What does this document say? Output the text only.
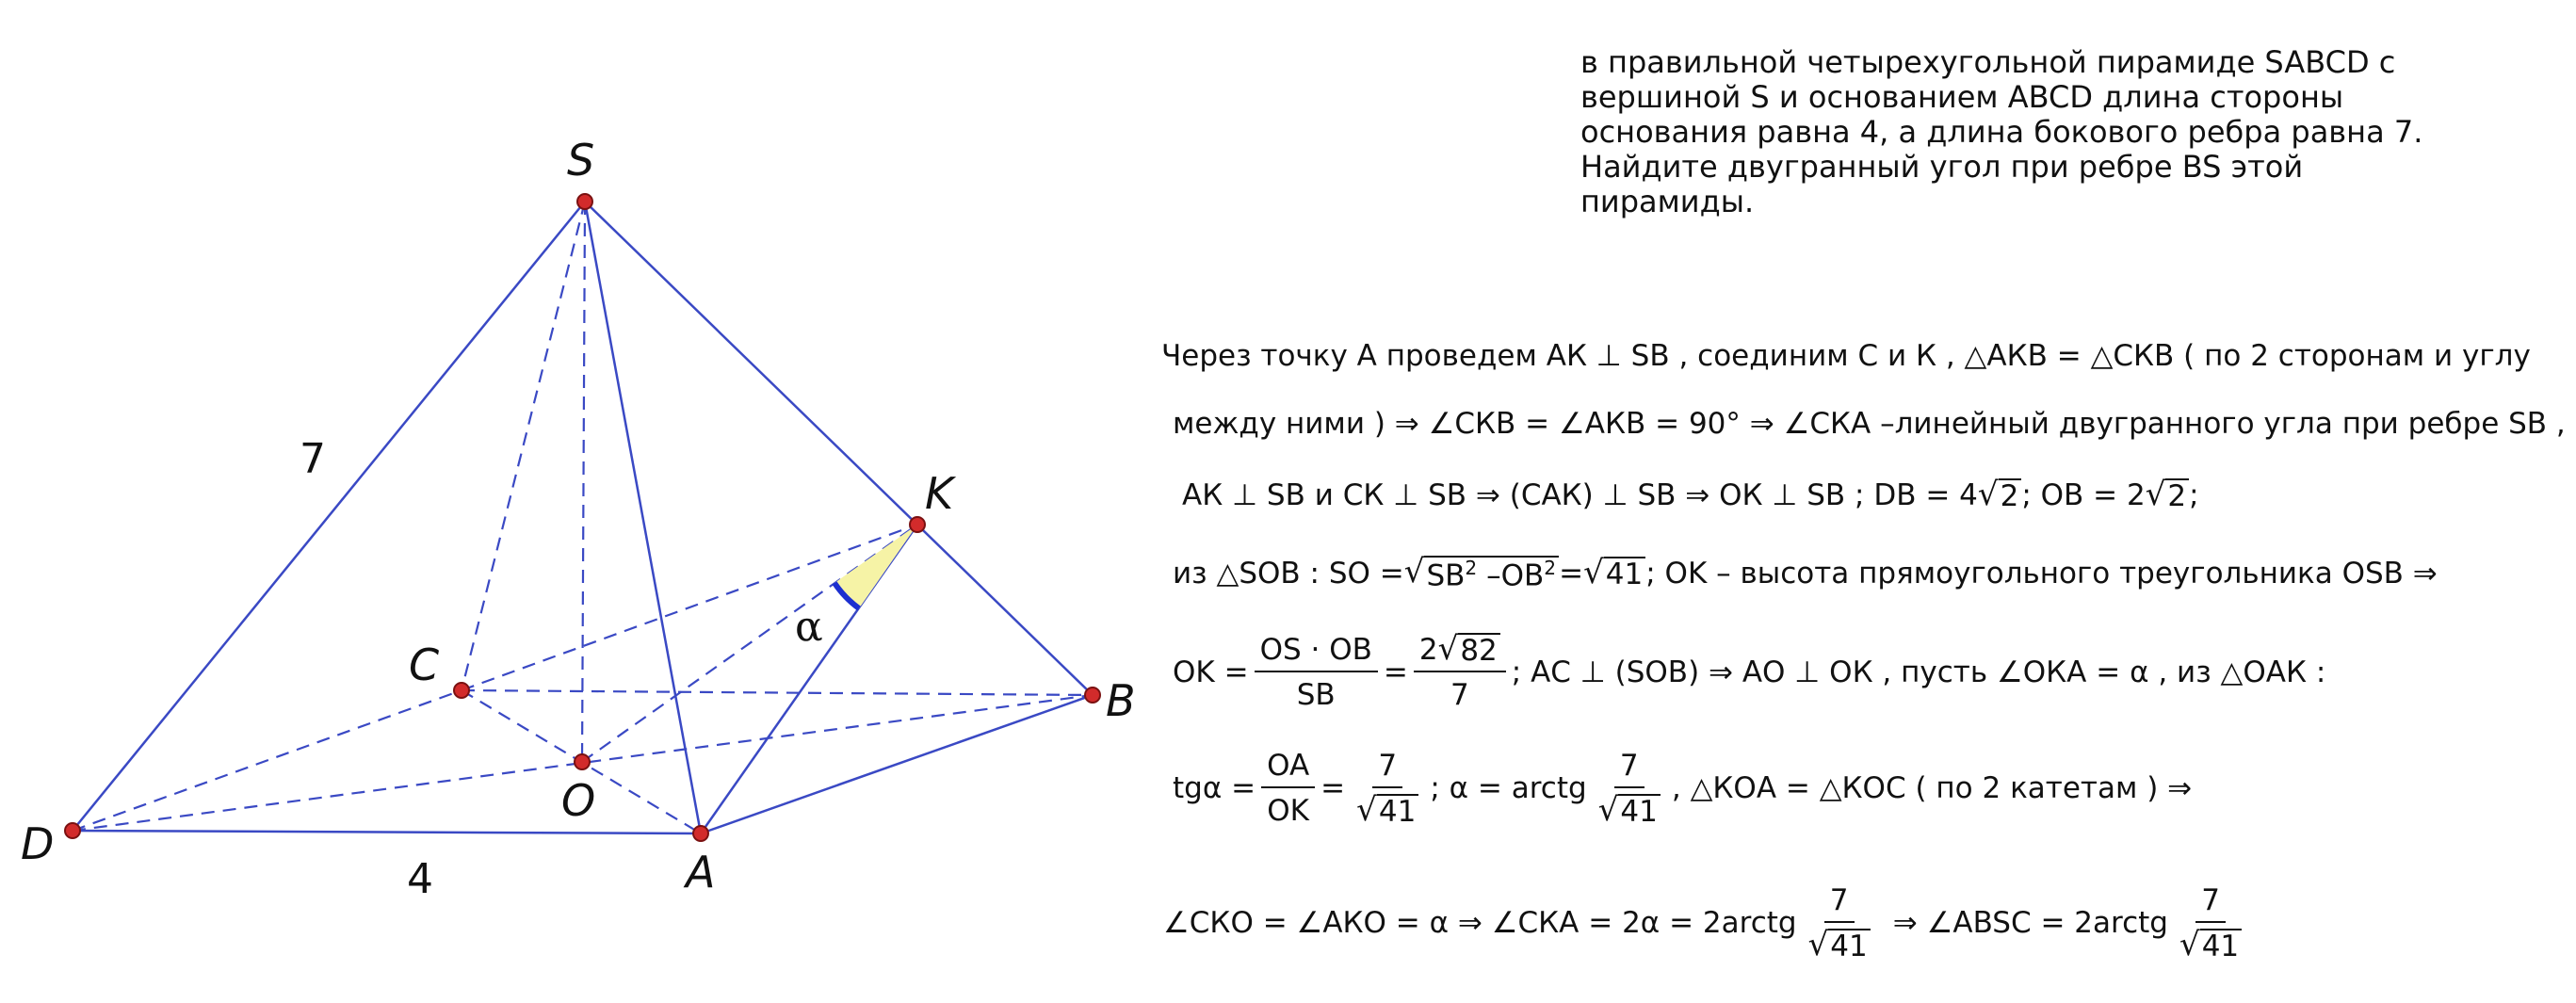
S
K
C
B
O
D
A
7
4
α
в правильной четырехугольной пирамиде SABCD с
вершиной S и основанием ABCD длина стороны
основания равна 4, а длина бокового ребра равна 7.
Найдите двугранный угол при ребре BS этой
пирамиды.
Через точку А проведем АК ⊥ SB , соединим С и К , △АКВ = △СКВ ( по 2 сторонам и углу
между ними ) ⇒ ∠СКВ = ∠АКВ = 90° ⇒ ∠СКА –линейный двугранного угла при ребре SB ,
АК ⊥ SB и СК ⊥ SB ⇒ (САК) ⊥ SB ⇒ ОК ⊥ SB ; DB = 4 √ 2 ; OB = 2 √ 2 ;
из △SOB : SO = √ $SB^2$ $-OB^2$ = √ 41 ; OK – высота прямоугольного треугольника OSB ⇒
OK = $\frac{OS \cdot OB}{SB} = \frac{2 √ 82}{7}$ ; АС ⊥ (SOB) ⇒ АО ⊥ ОК , пусть ∠ОКА = α , из △ОАК :
$tg\alpha = \frac{OA}{OK} = \frac{7}{√ 41}$ ; α = arctg $\frac{7}{√ 41}$ , △КОА = △КОС ( по 2 катетам ) ⇒
∠СКО = ∠АКО = α ⇒ ∠СКА = 2α = 2arctg $\frac{7}{√ 41}$ ⇒ ∠ABSC = 2arctg $\frac{7}{√ 41}$
